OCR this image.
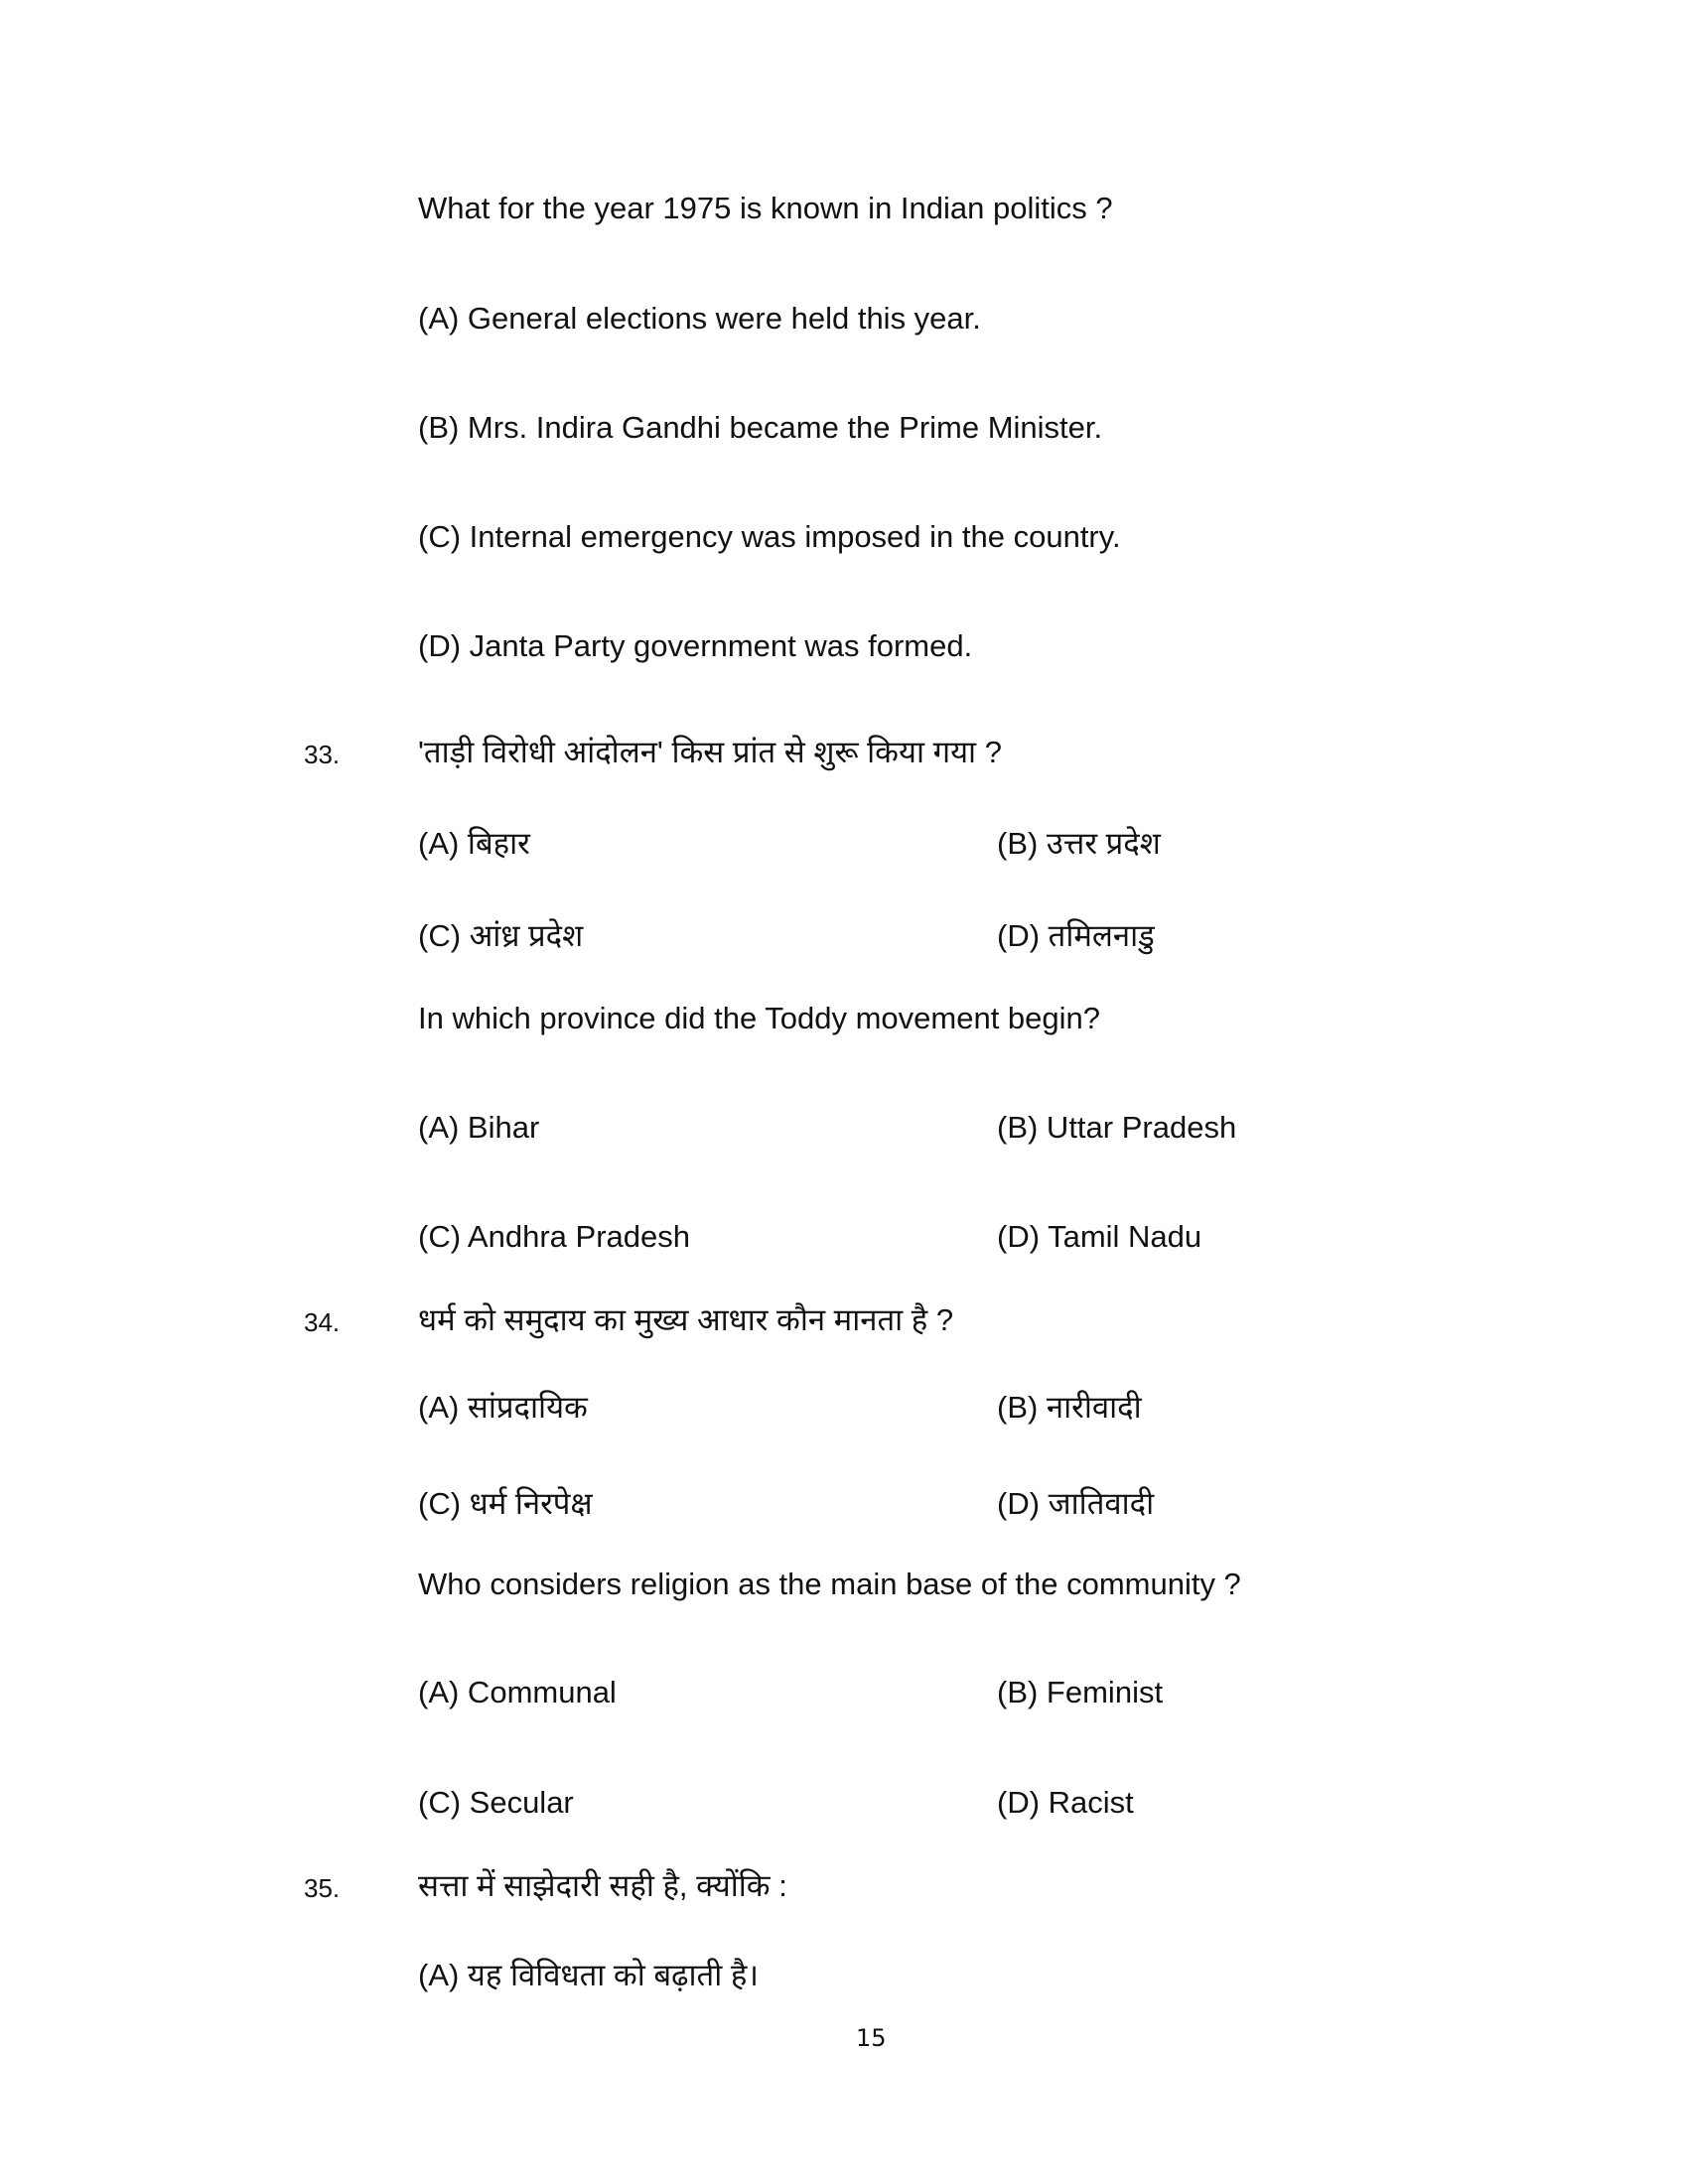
What for the year 1975 is known in Indian politics ?
(A) General elections were held this year.
(B) Mrs. Indira Gandhi became the Prime Minister.
(C) Internal emergency was imposed in the country.
(D) Janta Party government was formed.
33.	'ताड़ी विरोधी आंदोलन' किस प्रांत से शुरू किया गया ?
(A) बिहार	(B) उत्तर प्रदेश
(C) आंध्र प्रदेश	(D) तमिलनाडु
In which province did the Toddy movement begin?
(A) Bihar	(B) Uttar Pradesh
(C) Andhra Pradesh	(D) Tamil Nadu
34.	धर्म को समुदाय का मुख्य आधार कौन मानता है ?
(A) सांप्रदायिक	(B) नारीवादी
(C) धर्म निरपेक्ष	(D) जातिवादी
Who considers religion as the main base of the community ?
(A) Communal	(B) Feminist
(C) Secular	(D) Racist
35.	सत्ता में साझेदारी सही है, क्योंकि :
(A) यह विविधता को बढ़ाती है।
15
